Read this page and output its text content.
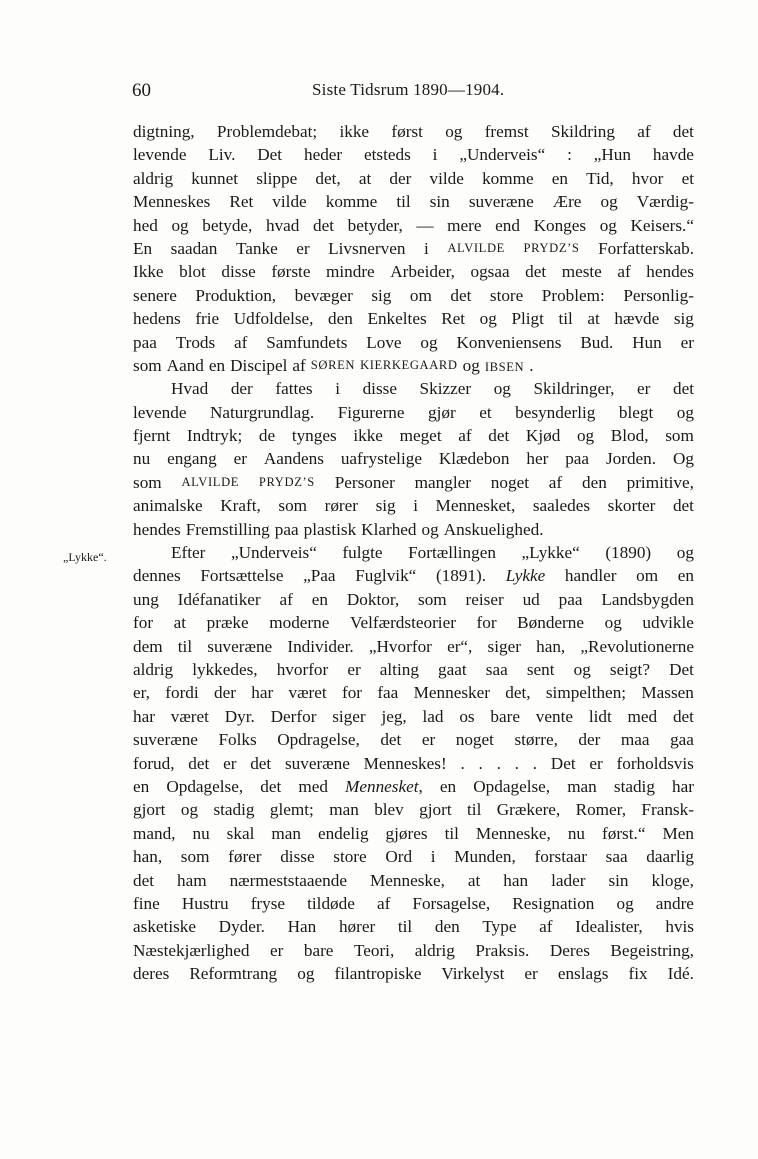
60	Siste Tidsrum 1890—1904.
„Lykke“.
digtning, Problemdebat; ikke først og fremst Skildring af det
levende Liv. Det heder etsteds i „Underveis“ : „Hun havde
aldrig kunnet slippe det, at der vilde komme en Tid, hvor et
Menneskes Ret vilde komme til sin suveræne Ære og Værdig-
hed og betyde, hvad det betyder, — mere end Konges og Keisers.“
En saadan Tanke er Livsnerven i ALVILDE PRYDZ’S Forfatterskab.
Ikke blot disse første mindre Arbeider, ogsaa det meste af hendes
senere Produktion, bevæger sig om det store Problem: Personlig-
hedens frie Udfoldelse, den Enkeltes Ret og Pligt til at hævde sig
paa Trods af Samfundets Love og Konveniensens Bud. Hun er
som Aand en Discipel af SØREN KIERKEGAARD og IBSEN .
Hvad der fattes i disse Skizzer og Skildringer, er det
levende Naturgrundlag. Figurerne gjør et besynderlig blegt og
fjernt Indtryk; de tynges ikke meget af det Kjød og Blod, som
nu engang er Aandens uafrystelige Klædebon her paa Jorden. Og
som ALVILDE PRYDZ’S Personer mangler noget af den primitive,
animalske Kraft, som rører sig i Mennesket, saaledes skorter det
hendes Fremstilling paa plastisk Klarhed og Anskuelighed.
Efter „Underveis“ fulgte Fortællingen „Lykke“ (1890) og
dennes Fortsættelse „Paa Fuglvik“ (1891). Lykke handler om en
ung Idéfanatiker af en Doktor, som reiser ud paa Landsbygden
for at præke moderne Velfærdsteorier for Bønderne og udvikle
dem til suveræne Individer. „Hvorfor er“, siger han, „Revolutionerne
aldrig lykkedes, hvorfor er alting gaat saa sent og seigt? Det
er, fordi der har været for faa Mennesker det, simpelthen; Massen
har været Dyr. Derfor siger jeg, lad os bare vente lidt med det
suveræne Folks Opdragelse, det er noget større, der maa gaa
forud, det er det suveræne Menneskes! . . . . . Det er forholdsvis
en Opdagelse, det med Mennesket, en Opdagelse, man stadig har
gjort og stadig glemt; man blev gjort til Grækere, Romer, Fransk-
mand, nu skal man endelig gjøres til Menneske, nu først.“ Men
han, som fører disse store Ord i Munden, forstaar saa daarlig
det ham nærmeststaaende Menneske, at han lader sin kloge,
fine Hustru fryse tildøde af Forsagelse, Resignation og andre
asketiske Dyder. Han hører til den Type af Idealister, hvis
Næstekjærlighed er bare Teori, aldrig Praksis. Deres Begeistring,
deres Reformtrang og filantropiske Virkelyst er enslags fix Idé.
